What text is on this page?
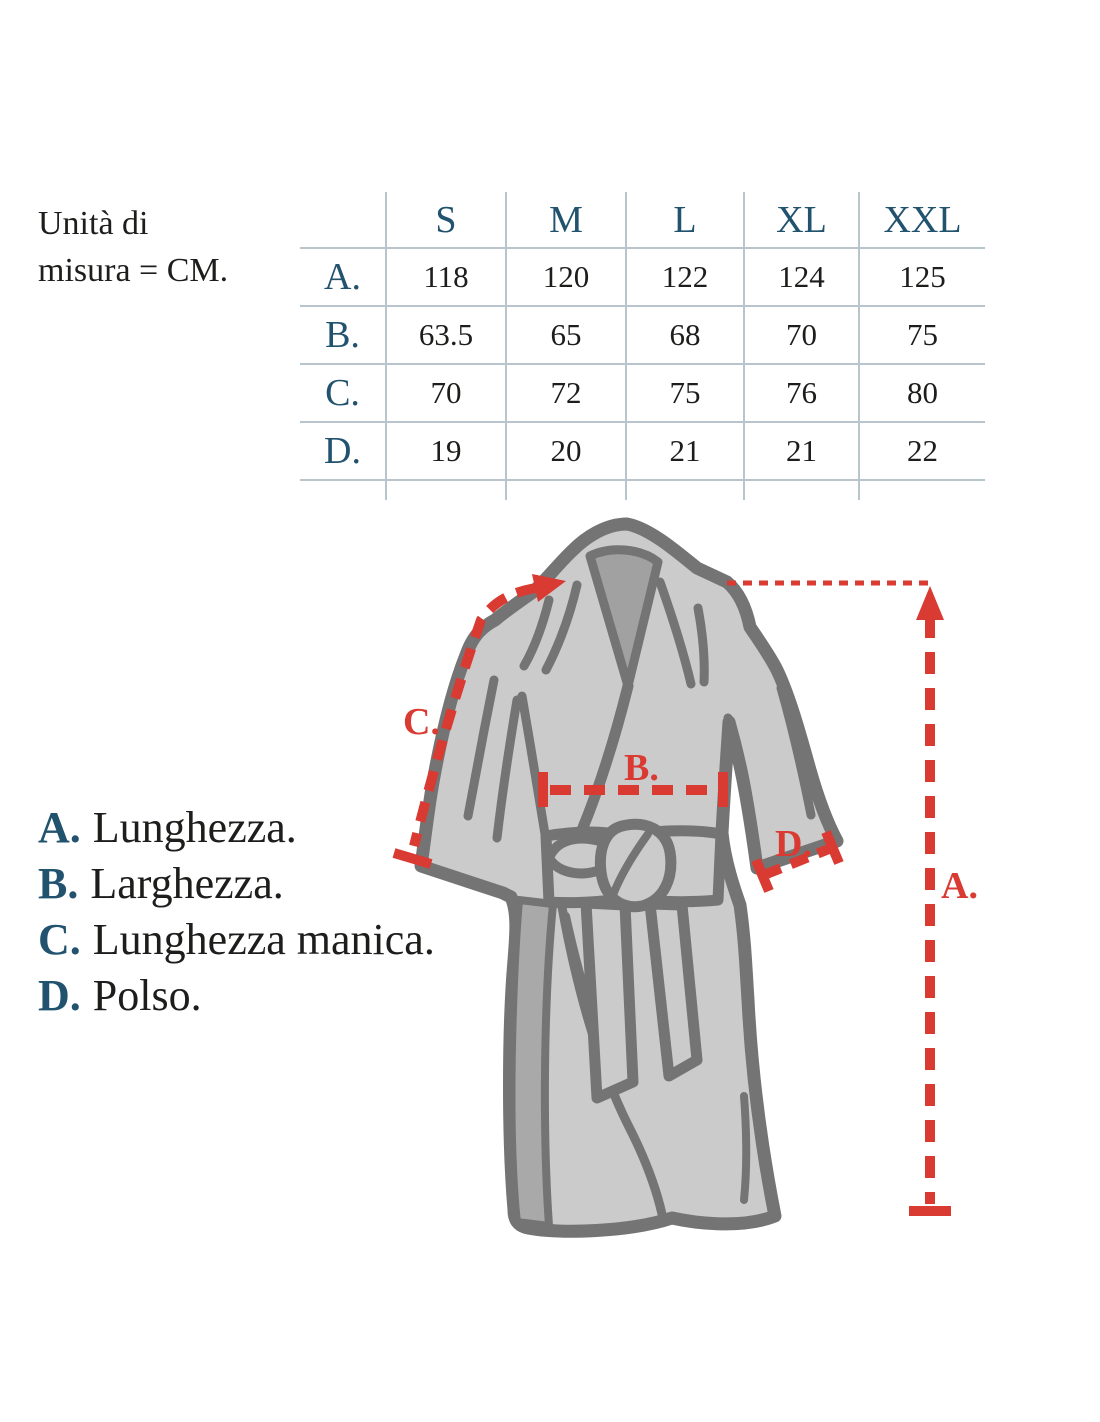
Unità di
misura = CM.
	S	M	L	XL	XXL
A.	118	120	122	124	125
B.	63.5	65	68	70	75
C.	70	72	75	76	80
D.	19	20	21	21	22

A. Lunghezza.
B. Larghezza.
C. Lunghezza manica.
D. Polso.
C.
B.
D.
A.
